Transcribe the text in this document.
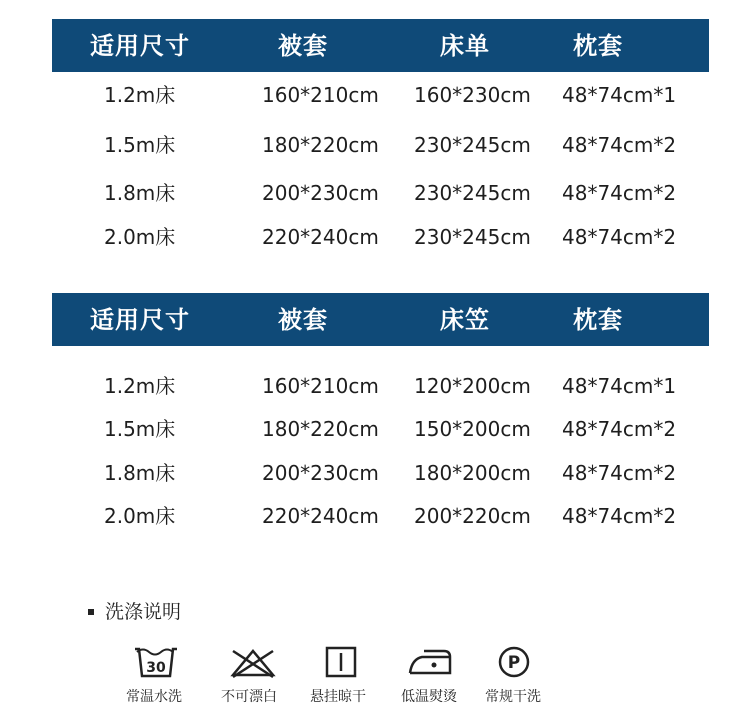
适用尺寸	被套	床单	枕套
1.2m床	160*210cm 160*230cm 48*74cm*1
1.5m床	180*220cm 230*245cm 48*74cm*2
1.8m床	200*230cm 230*245cm 48*74cm*2
2.0m床	220*240cm 230*245cm 48*74cm*2
适用尺寸	被套	床笠	枕套
1.2m床	160*210cm 120*200cm 48*74cm*1
1.5m床	180*220cm 150*200cm 48*74cm*2
1.8m床	200*230cm 180*200cm 48*74cm*2
2.0m床	220*240cm 200*220cm 48*74cm*2
洗涤说明
30	P
常温水洗	不可漂白 悬挂晾干	低温熨烫 常规干洗
